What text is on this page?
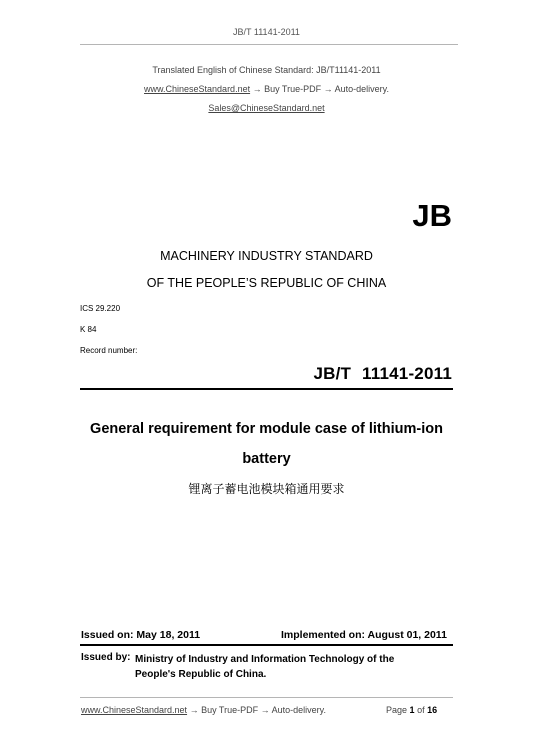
JB/T 11141-2011
Translated English of Chinese Standard: JB/T11141-2011
www.ChineseStandard.net → Buy True-PDF → Auto-delivery.
Sales@ChineseStandard.net
JB
MACHINERY INDUSTRY STANDARD
OF THE PEOPLE’S REPUBLIC OF CHINA
ICS 29.220
K 84
Record number:
JB/T 11141-2011
General requirement for module case of lithium-ion
battery
锂离子蓄电池模块箱通用要求
Issued on: May 18, 2011	Implemented on: August 01, 2011
Issued by: Ministry of Industry and Information Technology of the
People's Republic of China.
www.ChineseStandard.net → Buy True-PDF → Auto-delivery.	Page 1 of 16
